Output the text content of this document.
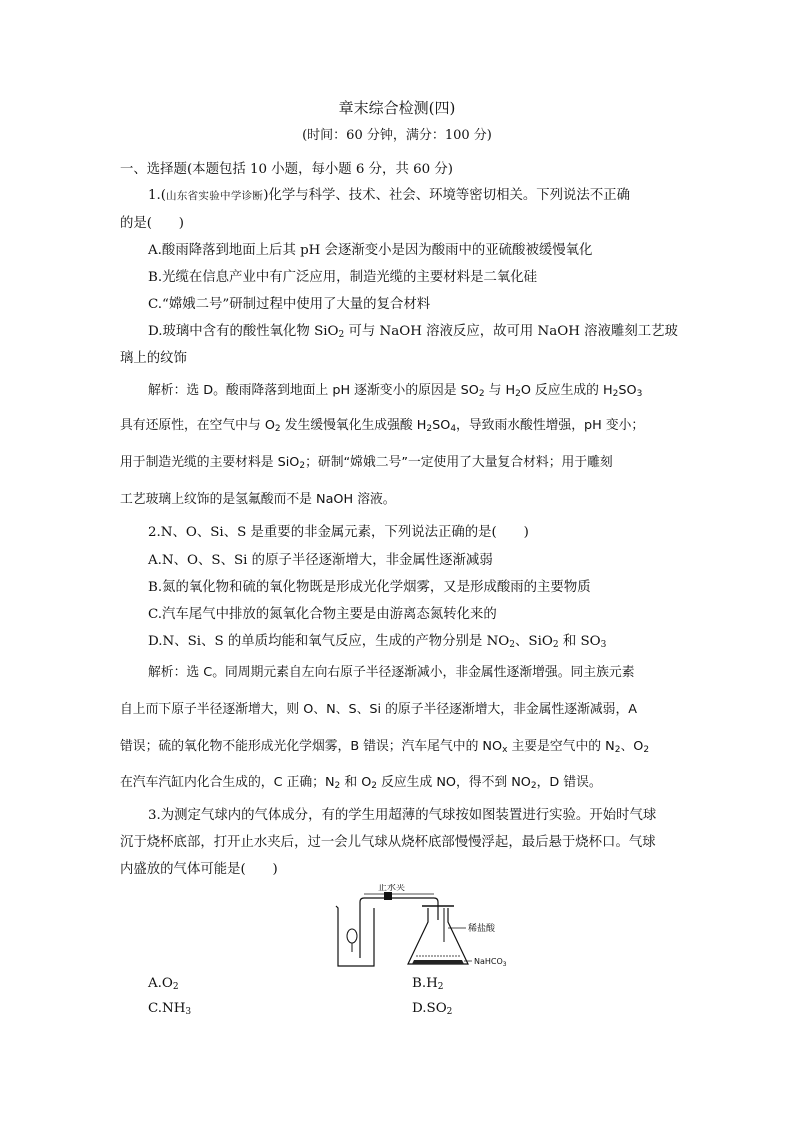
章末综合检测(四)
(时间：60 分钟，满分：100 分)
一、选择题(本题包括 10 小题，每小题 6 分，共 60 分)
1.(山东省实验中学诊断)化学与科学、技术、社会、环境等密切相关。下列说法不正确
的是(　　)
A.酸雨降落到地面上后其 pH 会逐渐变小是因为酸雨中的亚硫酸被缓慢氧化
B.光缆在信息产业中有广泛应用，制造光缆的主要材料是二氧化硅
C.“嫦娥二号”研制过程中使用了大量的复合材料
D.玻璃中含有的酸性氧化物 SiO$_2$ 可与 NaOH 溶液反应，故可用 NaOH 溶液雕刻工艺玻
璃上的纹饰
解析：选 D。酸雨降落到地面上 pH 逐渐变小的原因是 $SO_2$ 与 $H_2O$ 反应生成的 $H_2SO_3$
具有还原性，在空气中与 $O_2$ 发生缓慢氧化生成强酸 $H_2SO_4$，导致雨水酸性增强，pH 变小；
用于制造光缆的主要材料是 SiO$_2$；研制“嫦娥二号”一定使用了大量复合材料；用于雕刻
工艺玻璃上纹饰的是氢氟酸而不是 NaOH 溶液。
2.N、O、Si、S 是重要的非金属元素，下列说法正确的是(　　)
A.N、O、S、Si 的原子半径逐渐增大，非金属性逐渐减弱
B.氮的氧化物和硫的氧化物既是形成光化学烟雾，又是形成酸雨的主要物质
C.汽车尾气中排放的氮氧化合物主要是由游离态氮转化来的
D.N、Si、S 的单质均能和氧气反应，生成的产物分别是 $NO_2$、SiO$_2$ 和 $SO_3$
解析：选 C。同周期元素自左向右原子半径逐渐减小，非金属性逐渐增强。同主族元素
自上而下原子半径逐渐增大，则 O、N、S、Si 的原子半径逐渐增大，非金属性逐渐减弱，A
错误；硫的氧化物不能形成光化学烟雾，B 错误；汽车尾气中的 $NO_x$ 主要是空气中的 $N_2$、$O_2$
在汽车汽缸内化合生成的，C 正确；$N_2$ 和 $O_2$ 反应生成 NO，得不到 $NO_2$，D 错误。
3.为测定气球内的气体成分，有的学生用超薄的气球按如图装置进行实验。开始时气球
沉于烧杯底部，打开止水夹后，过一会儿气球从烧杯底部慢慢浮起，最后悬于烧杯口。气球
内盛放的气体可能是(　　)
止水夹
稀盐酸
NaHCO$_3$
$A.O_2$	$B.H_2$
$C.NH_3$	$D.SO_2$
